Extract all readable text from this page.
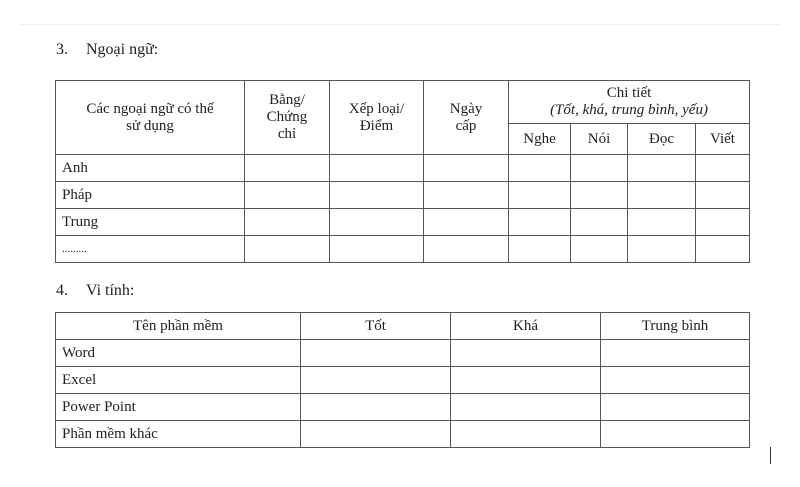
3. Ngoại ngữ:
Các ngoại ngữ có thể sử dụng	Bằng/ Chứng chỉ	Xếp loại/ Điểm	Ngày cấp	Chi tiết
(Tốt, khá, trung bình, yếu)			

				Nghe	Nói	Đọc	Viết
Anh							
Pháp							
Trung							
.........							
4. Vi tính:
Tên phần mềm	Tốt	Khá	Trung bình
Word			
Excel			
Power Point			
Phần mềm khác			
